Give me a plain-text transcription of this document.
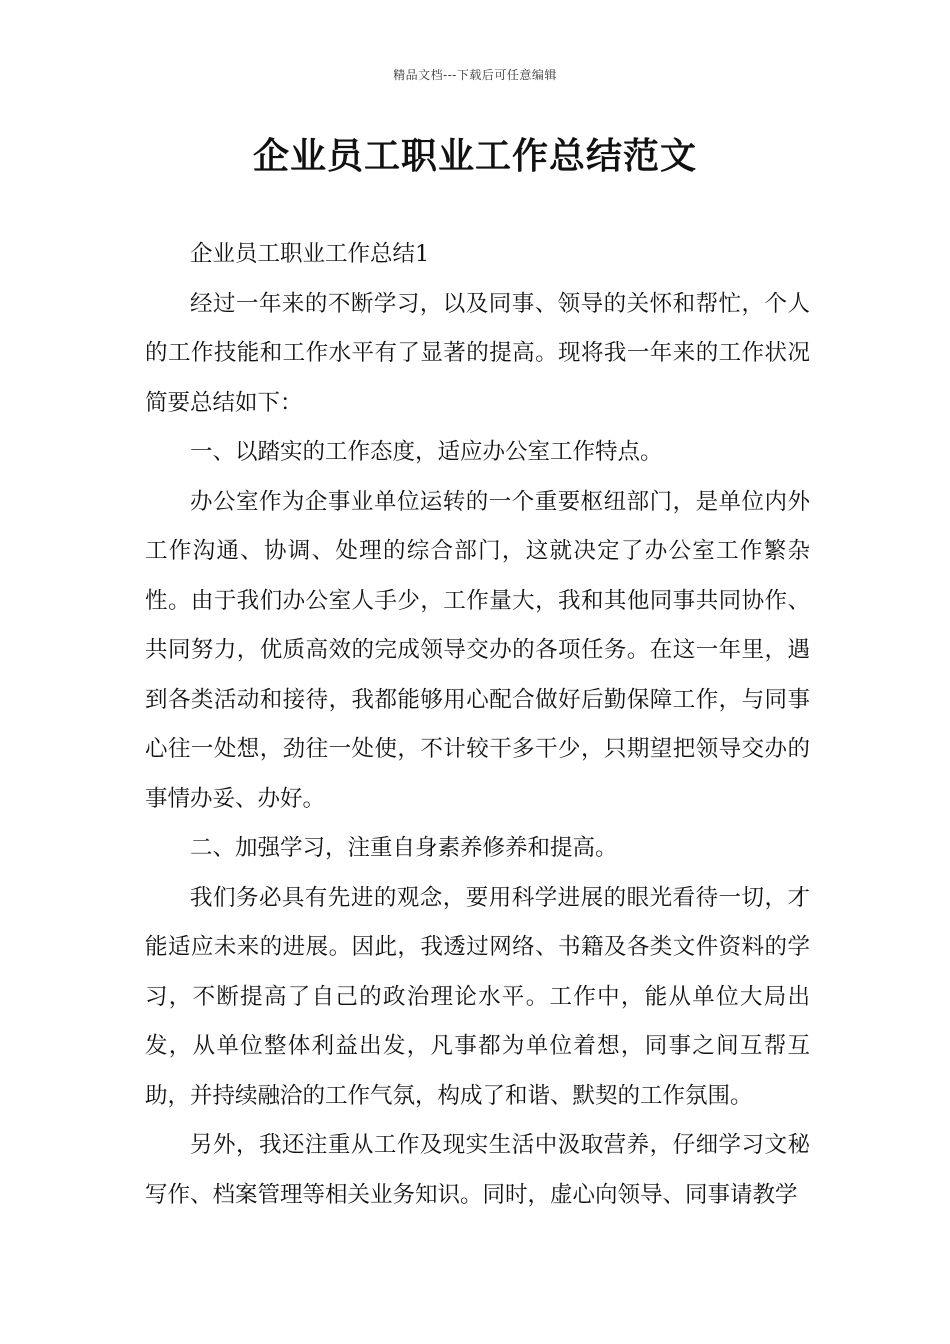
精品文档---下载后可任意编辑
企业员工职业工作总结范文

企业员工职业工作总结1

经过一年来的不断学习，以及同事、领导的关怀和帮忙，个人的工作技能和工作水平有了显著的提高。现将我一年来的工作状况简要总结如下：

一、以踏实的工作态度，适应办公室工作特点。

办公室作为企事业单位运转的一个重要枢纽部门，是单位内外工作沟通、协调、处理的综合部门，这就决定了办公室工作繁杂性。由于我们办公室人手少，工作量大，我和其他同事共同协作、共同努力，优质高效的完成领导交办的各项任务。在这一年里，遇到各类活动和接待，我都能够用心配合做好后勤保障工作，与同事心往一处想，劲往一处使，不计较干多干少，只期望把领导交办的事情办妥、办好。

二、加强学习，注重自身素养修养和提高。

我们务必具有先进的观念，要用科学进展的眼光看待一切，才能适应未来的进展。因此，我透过网络、书籍及各类文件资料的学习，不断提高了自己的政治理论水平。工作中，能从单位大局出发，从单位整体利益出发，凡事都为单位着想，同事之间互帮互助，并持续融洽的工作气氛，构成了和谐、默契的工作氛围。

另外，我还注重从工作及现实生活中汲取营养，仔细学习文秘写作、档案管理等相关业务知识。同时，虚心向领导、同事请教学
